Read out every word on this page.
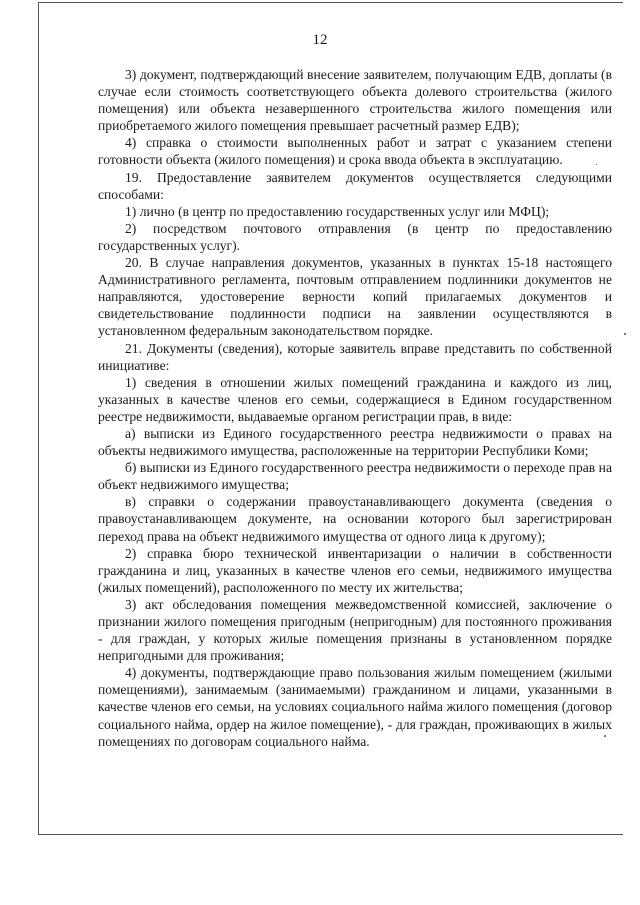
12

3) документ, подтверждающий внесение заявителем, получающим ЕДВ, доплаты (в случае если стоимость соответствующего объекта долевого строительства (жилого помещения) или объекта незавершенного строительства жилого помещения или приобретаемого жилого помещения превышает расчетный размер ЕДВ);

4) справка о стоимости выполненных работ и затрат с указанием степени готовности объекта (жилого помещения) и срока ввода объекта в эксплуатацию.

19. Предоставление заявителем документов осуществляется следующими способами:

1) лично (в центр по предоставлению государственных услуг или МФЦ);

2) посредством почтового отправления (в центр по предоставлению государственных услуг).

20. В случае направления документов, указанных в пунктах 15-18 настоящего Административного регламента, почтовым отправлением подлинники документов не направляются, удостоверение верности копий прилагаемых документов и свидетельствование подлинности подписи на заявлении осуществляются в установленном федеральным законодательством порядке.

21. Документы (сведения), которые заявитель вправе представить по собственной инициативе:

1) сведения в отношении жилых помещений гражданина и каждого из лиц, указанных в качестве членов его семьи, содержащиеся в Едином государственном реестре недвижимости, выдаваемые органом регистрации прав, в виде:

а) выписки из Единого государственного реестра недвижимости о правах на объекты недвижимого имущества, расположенные на территории Республики Коми;

б) выписки из Единого государственного реестра недвижимости о переходе прав на объект недвижимого имущества;

в) справки о содержании правоустанавливающего документа (сведения о правоустанавливающем документе, на основании которого был зарегистрирован переход права на объект недвижимого имущества от одного лица к другому);

2) справка бюро технической инвентаризации о наличии в собственности гражданина и лиц, указанных в качестве членов его семьи, недвижимого имущества (жилых помещений), расположенного по месту их жительства;

3) акт обследования помещения межведомственной комиссией, заключение о признании жилого помещения пригодным (непригодным) для постоянного проживания - для граждан, у которых жилые помещения признаны в установленном порядке непригодными для проживания;

4) документы, подтверждающие право пользования жилым помещением (жилыми помещениями), занимаемым (занимаемыми) гражданином и лицами, указанными в качестве членов его семьи, на условиях социального найма жилого помещения (договор социального найма, ордер на жилое помещение), - для граждан, проживающих в жилых помещениях по договорам социального найма.
